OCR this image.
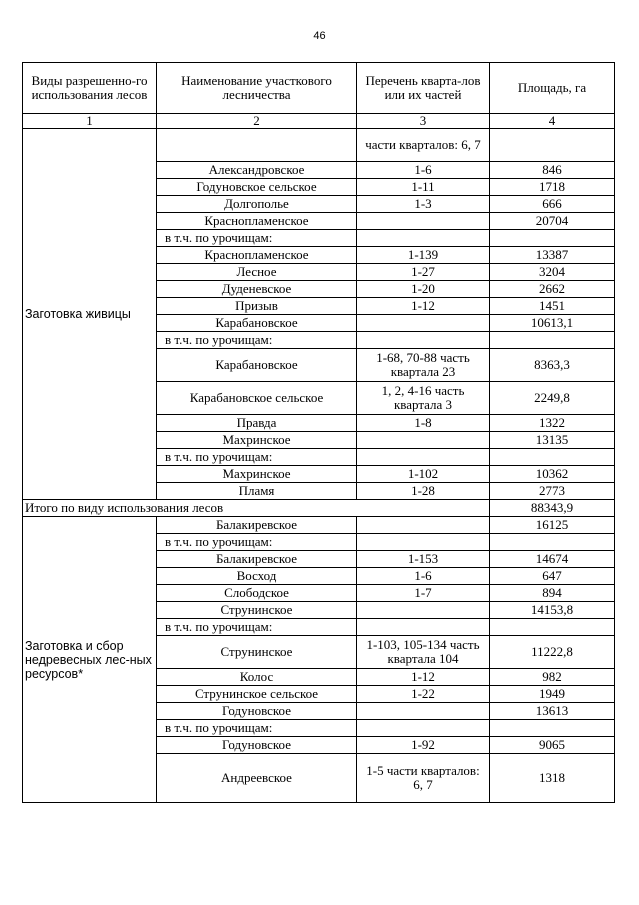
46
Виды разрешенно-го использования лесов	Наименование участкового лесничества	Перечень кварта-лов или их частей	Площадь, га
1	2	3	4
Заготовка живицы		части кварталов: 6, 7	
	Александровское	1-6	846
	Годуновское сельское	1-11	1718
	Долгополье	1-3	666
	Краснопламенское		20704
	в т.ч. по урочищам:		
	Краснопламенское	1-139	13387
	Лесное	1-27	3204
	Дуденевское	1-20	2662
	Призыв	1-12	1451
	Карабановское		10613,1
	в т.ч. по урочищам:		
	Карабановское	1-68, 70-88 часть квартала 23	8363,3
	Карабановское сельское	1, 2, 4-16 часть квартала 3	2249,8
	Правда	1-8	1322
	Махринское		13135
	в т.ч. по урочищам:		
	Махринское	1-102	10362
	Пламя	1-28	2773
Итого по виду использования лесов			88343,9
Заготовка и сбор недревесных лес-ных ресурсов*	Балакиревское		16125
	в т.ч. по урочищам:		
	Балакиревское	1-153	14674
	Восход	1-6	647
	Слободское	1-7	894
	Струнинское		14153,8
	в т.ч. по урочищам:		
	Струнинское	1-103, 105-134 часть квартала 104	11222,8
	Колос	1-12	982
	Струнинское сельское	1-22	1949
	Годуновское		13613
	в т.ч. по урочищам:		
	Годуновское	1-92	9065
	Андреевское	1-5 части кварталов: 6, 7	1318
